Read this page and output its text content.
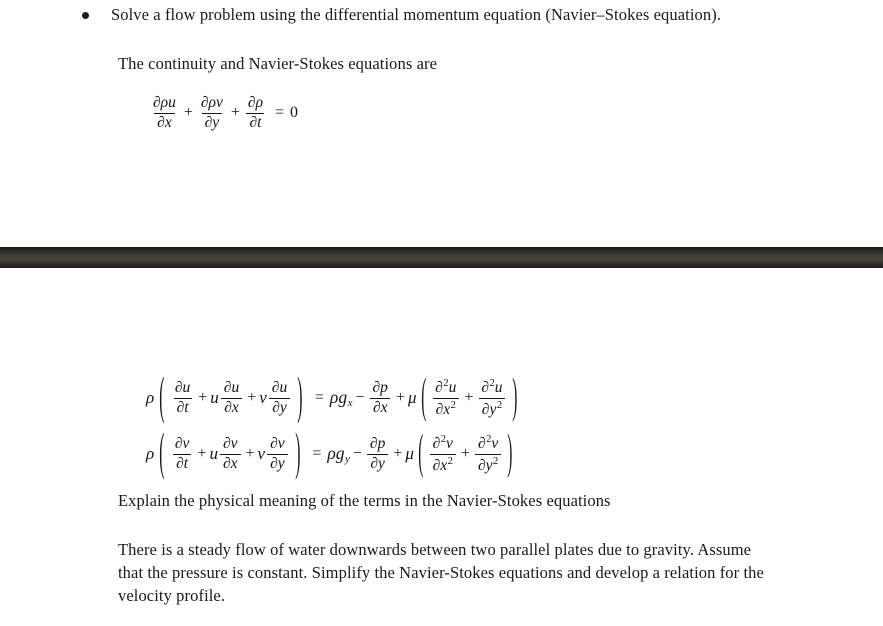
Solve a flow problem using the differential momentum equation (Navier–Stokes equation).
The continuity and Navier-Stokes equations are
$\frac{\partial\rho u}{\partial x} + \frac{\partial\rho v}{\partial y} + \frac{\partial\rho}{\partial t} = 0$
ρ ( $\frac{\partial u}{\partial t} + u \frac{\partial u}{\partial x} + v \frac{\partial u}{\partial y}$ ) = $\rho g_x - \frac{\partial p}{\partial x} + \mu$ ( $\frac{\partial^2u}{\partial x^2} + \frac{\partial^2u}{\partial y^2}$ )
ρ ( $\frac{\partial v}{\partial t} + u \frac{\partial v}{\partial x} + v \frac{\partial v}{\partial y}$ ) = $\rho g_y - \frac{\partial p}{\partial y} + \mu$ ( $\frac{\partial^2v}{\partial x^2} + \frac{\partial^2v}{\partial y^2}$ )
Explain the physical meaning of the terms in the Navier-Stokes equations
There is a steady flow of water downwards between two parallel plates due to gravity. Assume that the pressure is constant. Simplify the Navier-Stokes equations and develop a relation for the velocity profile.
